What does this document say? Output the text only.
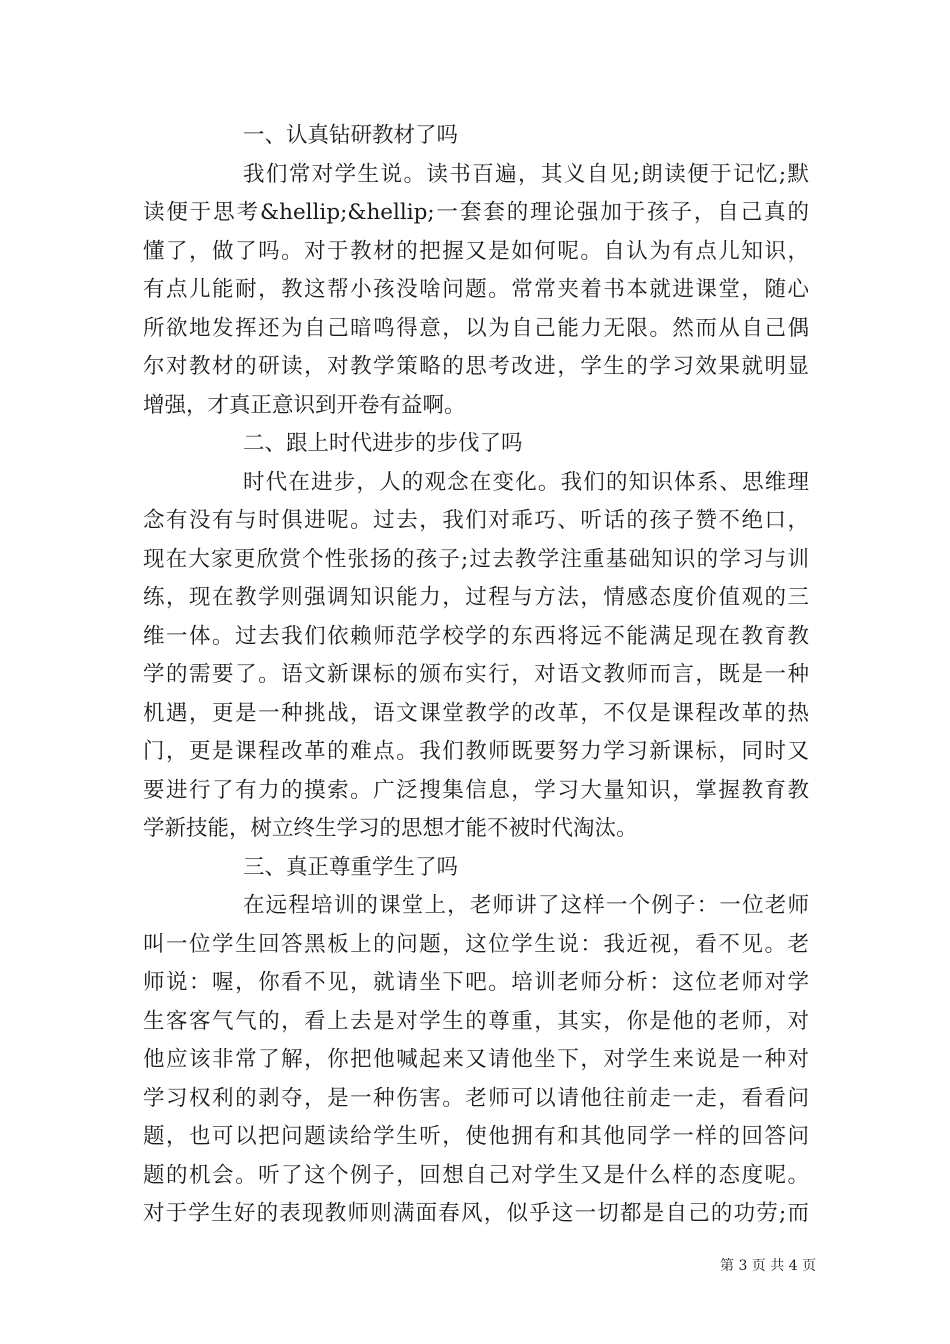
一、认真钻研教材了吗
我们常对学生说。读书百遍，其义自见;朗读便于记忆;默
读便于思考&hellip;&hellip;一套套的理论强加于孩子，自己真的
懂了，做了吗。对于教材的把握又是如何呢。自认为有点儿知识，
有点儿能耐，教这帮小孩没啥问题。常常夹着书本就进课堂，随心
所欲地发挥还为自己暗鸣得意，以为自己能力无限。然而从自己偶
尔对教材的研读，对教学策略的思考改进，学生的学习效果就明显
增强，才真正意识到开卷有益啊。
二、跟上时代进步的步伐了吗
时代在进步，人的观念在变化。我们的知识体系、思维理
念有没有与时俱进呢。过去，我们对乖巧、听话的孩子赞不绝口，
现在大家更欣赏个性张扬的孩子;过去教学注重基础知识的学习与训
练，现在教学则强调知识能力，过程与方法，情感态度价值观的三
维一体。过去我们依赖师范学校学的东西将远不能满足现在教育教
学的需要了。语文新课标的颁布实行，对语文教师而言，既是一种
机遇，更是一种挑战，语文课堂教学的改革，不仅是课程改革的热
门，更是课程改革的难点。我们教师既要努力学习新课标，同时又
要进行了有力的摸索。广泛搜集信息，学习大量知识，掌握教育教
学新技能，树立终生学习的思想才能不被时代淘汰。
三、真正尊重学生了吗
在远程培训的课堂上，老师讲了这样一个例子：一位老师
叫一位学生回答黑板上的问题，这位学生说：我近视，看不见。老
师说：喔，你看不见，就请坐下吧。培训老师分析：这位老师对学
生客客气气的，看上去是对学生的尊重，其实，你是他的老师，对
他应该非常了解，你把他喊起来又请他坐下，对学生来说是一种对
学习权利的剥夺，是一种伤害。老师可以请他往前走一走，看看问
题，也可以把问题读给学生听，使他拥有和其他同学一样的回答问
题的机会。听了这个例子，回想自己对学生又是什么样的态度呢。
对于学生好的表现教师则满面春风，似乎这一切都是自己的功劳;而
第 3 页 共 4 页
